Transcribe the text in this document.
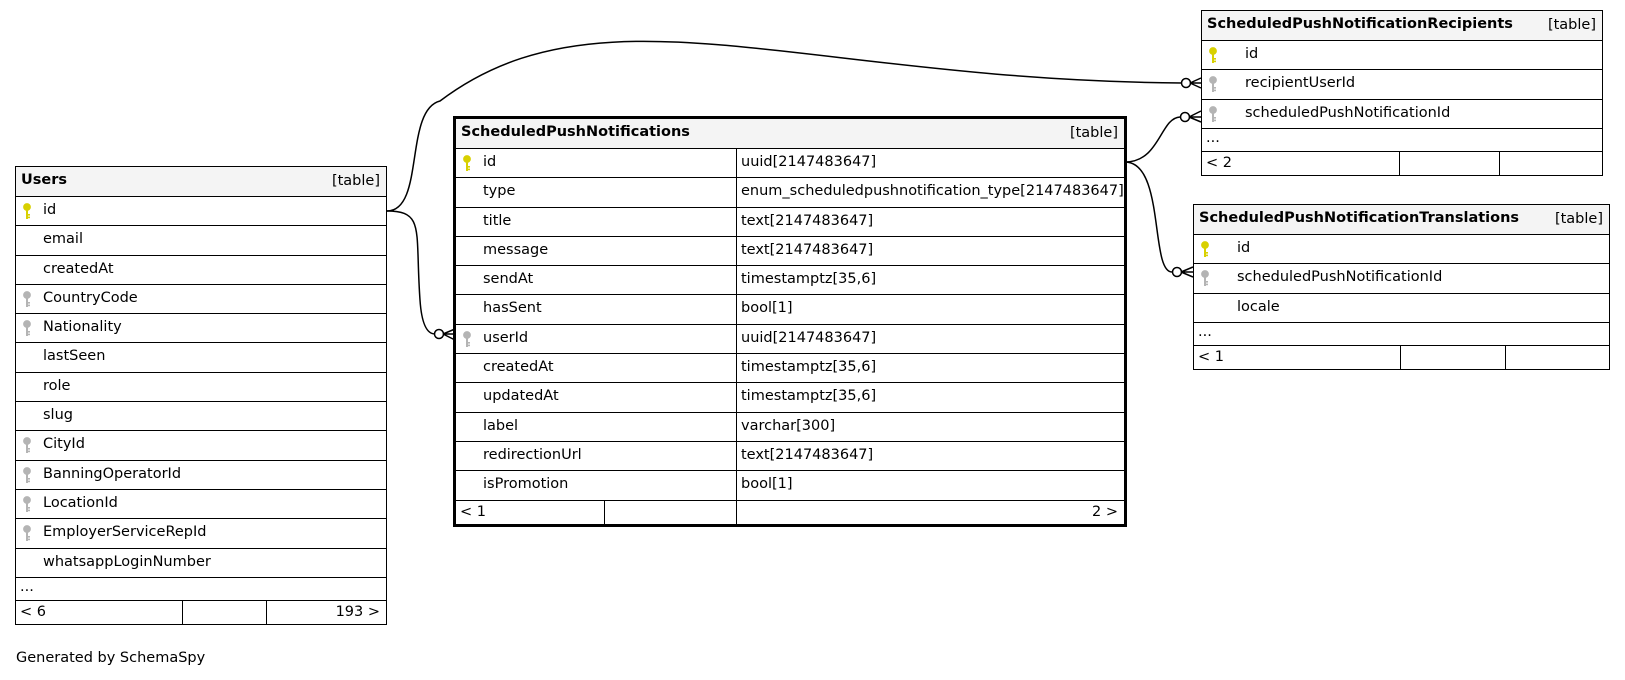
Users	[table]
id
email
createdAt
CountryCode
Nationality
lastSeen
role
slug
CityId
BanningOperatorId
LocationId
EmployerServiceRepId
whatsappLoginNumber
...
< 6	193 >
ScheduledPushNotifications	[table]
id	uuid[2147483647]
type	enum_scheduledpushnotification_type[2147483647]
title	text[2147483647]
message	text[2147483647]
sendAt	timestamptz[35,6]
hasSent	bool[1]
userId	uuid[2147483647]
createdAt	timestamptz[35,6]
updatedAt	timestamptz[35,6]
label	varchar[300]
redirectionUrl	text[2147483647]
isPromotion	bool[1]
< 1	2 >
ScheduledPushNotificationRecipients [table]
id
recipientUserId
scheduledPushNotificationId
...
< 2
ScheduledPushNotificationTranslations [table]
id
scheduledPushNotificationId
locale
...
< 1
Generated by SchemaSpy
